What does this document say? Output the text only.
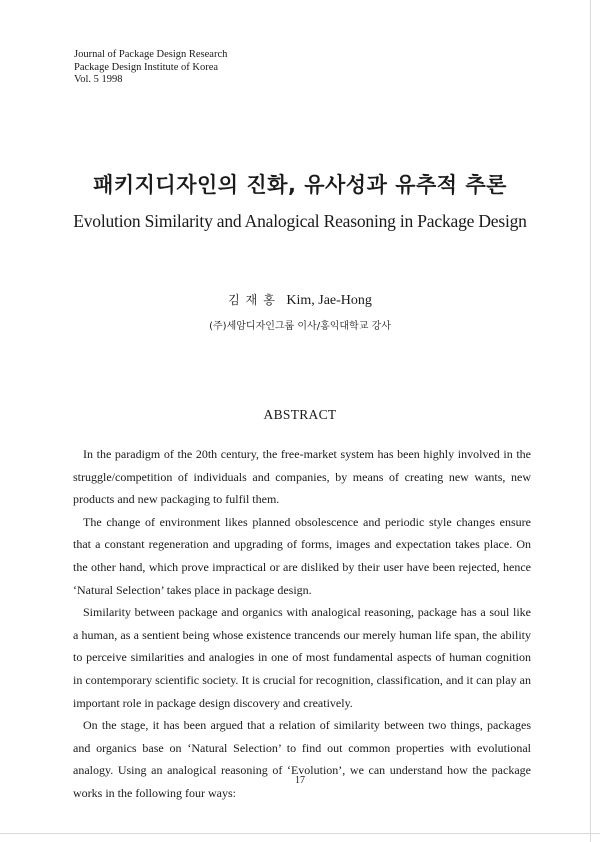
Journal of Package Design Research
Package Design Institute of Korea
Vol. 5 1998
패키지디자인의 진화, 유사성과 유추적 추론
Evolution Similarity and Analogical Reasoning in Package Design
김재홍 Kim, Jae-Hong
(주)세암디자인그룹 이사/홍익대학교 강사
ABSTRACT

In the paradigm of the 20th century, the free-market system has been highly involved in the struggle/competition of individuals and companies, by means of creating new wants, new products and new packaging to fulfil them.

The change of environment likes planned obsolescence and periodic style changes ensure that a constant regeneration and upgrading of forms, images and expectation takes place. On the other hand, which prove impractical or are disliked by their user have been rejected, hence ‘Natural Selection’ takes place in package design.

Similarity between package and organics with analogical reasoning, package has a soul like a human, as a sentient being whose existence trancends our merely human life span, the ability to perceive similarities and analogies in one of most fundamental aspects of human cognition in contemporary scientific society. It is crucial for recognition, classification, and it can play an important role in package design discovery and creatively.

On the stage, it has been argued that a relation of similarity between two things, packages and organics base on ‘Natural Selection’ to find out common properties with evolutional analogy. Using an analogical reasoning of ‘Evolution’, we can understand how the package works in the following four ways:

17
